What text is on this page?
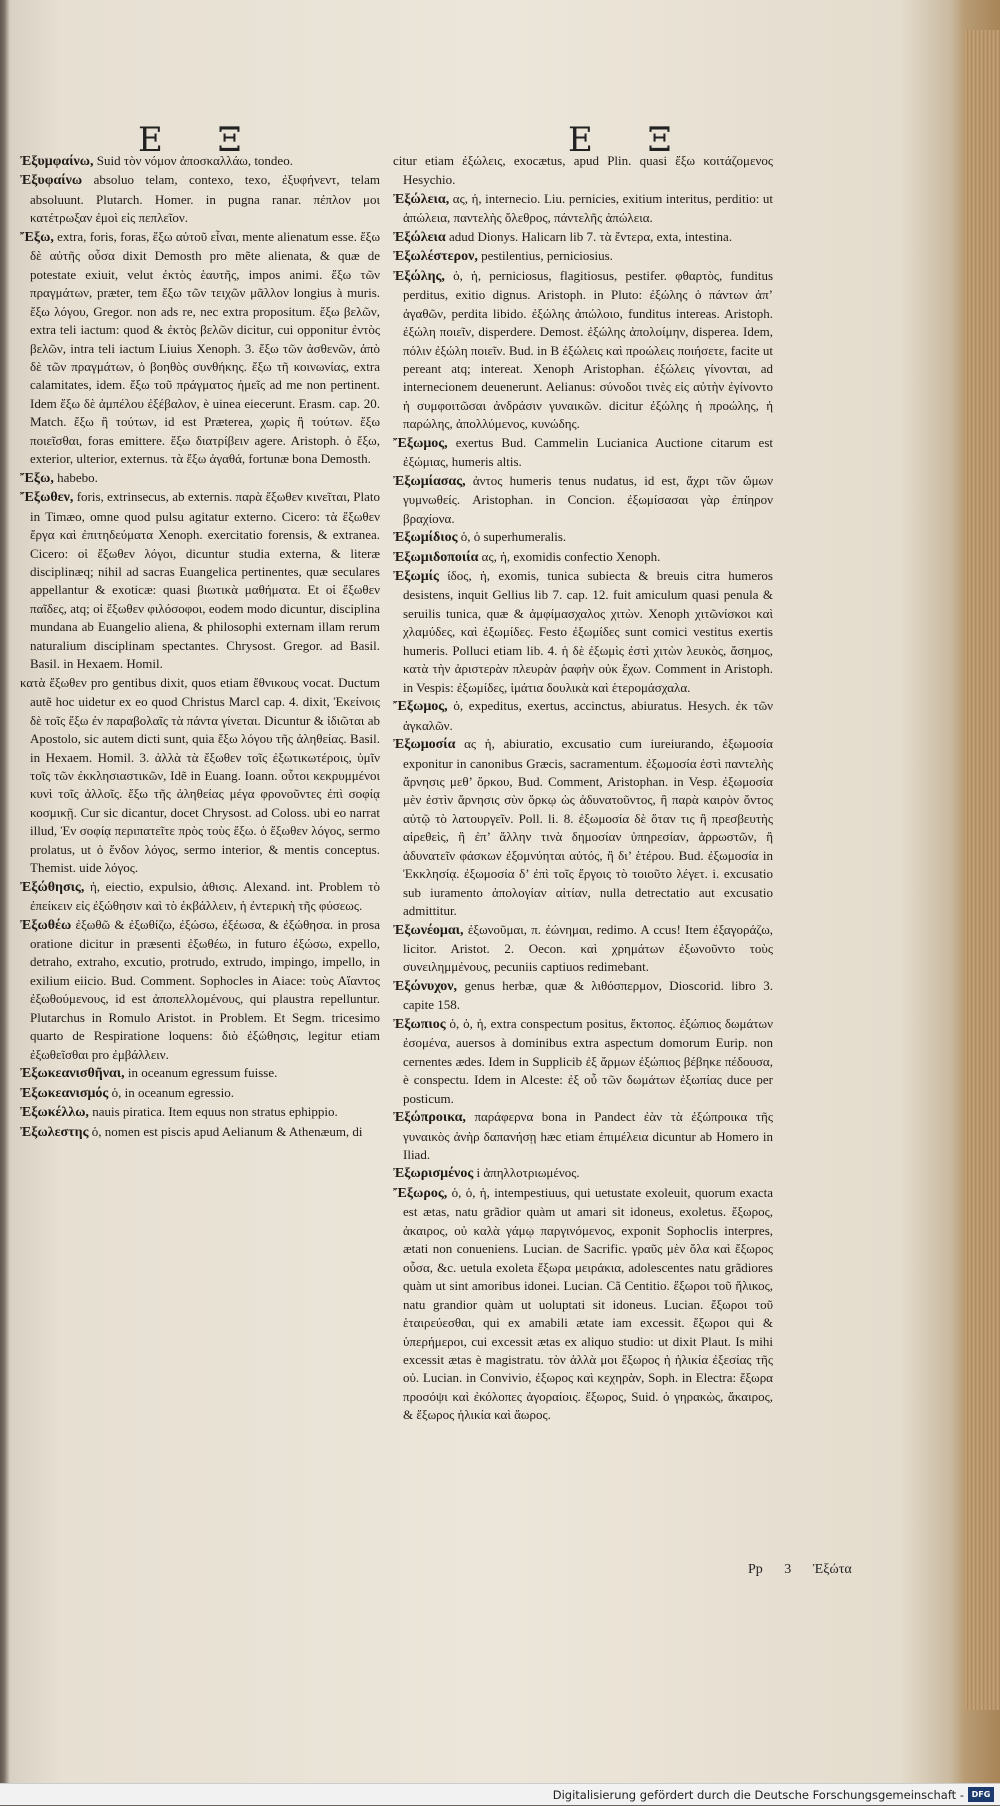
Ε Ξ	Ε Ξ

Ἐξυμφαίνω, Suid τὸν νόμον ἀποσκαλλάω, tondeo.

Ἐξυφαίνω absoluo telam, contexo, texo, ἐξυφήνεντ, telam absoluunt. Plutarch. Homer. in pugna ranar. πέπλον μοι κατέτρωξαν ἐμοὶ εἰς πεπλεῖον.

Ἔξω, extra, foris, foras, ἔξω αὑτοῦ εἶναι, mente alienatum esse. ἔξω δὲ αὐτῆς οὖσα dixit Demosth pro mẽte alienata, & quæ de potestate exiuit, velut ἐκτὸς ἑαυτῆς, impos animi. ἔξω τῶν πραγμάτων, præter, tem ἔξω τῶν τειχῶν μᾶλλον longius à muris. ἔξω λόγου, Gregor. non ads re, nec extra propositum. ἔξω βελῶν, extra teli iactum: quod & ἐκτὸς βελῶν dicitur, cui opponitur ἐντὸς βελῶν, intra teli iactum Liuius Xenoph. 3. ἔξω τῶν ἀσθενῶν, ἀπὸ δὲ τῶν πραγμάτων, ὁ βοηθὸς συνθήκης. ἔξω τῆ κοινωνίας, extra calamitates, idem. ἔξω τοῦ πράγματος ἡμεῖς ad me non pertinent. Idem ἔξω δὲ ἀμπέλου ἐξέβαλον, è uinea eiecerunt. Erasm. cap. 20. Match. ἔξω ἢ τούτων, id est Præterea, χωρὶς ἢ τούτων. ἔξω ποιεῖσθαι, foras emittere. ἔξω διατρίβειν agere. Aristoph. ὁ ἔξω, exterior, ulterior, externus. τὰ ἔξω ἀγαθά, fortunæ bona Demosth.

Ἔξω, habebo.

Ἔξωθεν, foris, extrinsecus, ab externis. παρὰ ἔξωθεν κινεῖται, Plato in Timæo, omne quod pulsu agitatur externo. Cicero: τὰ ἔξωθεν ἔργα καὶ ἐπιτηδεύματα Xenoph. exercitatio forensis, & extranea. Cicero: οἱ ἔξωθεν λόγοι, dicuntur studia externa, & literæ disciplinæq; nihil ad sacras Euangelica pertinentes, quæ seculares appellantur & exoticæ: quasi βιωτικὰ μαθήματα. Et οἱ ἔξωθεν παῖδες, atq; οἱ ἔξωθεν φιλόσοφοι, eodem modo dicuntur, disciplina mundana ab Euangelio aliena, & philosophi externam illam rerum naturalium disciplinam spectantes. Chrysost. Gregor. ad Basil. Basil. in Hexaem. Homil.

κατὰ ἔξωθεν pro gentibus dixit, quos etiam ἔθνικους vocat. Ductum autẽ hoc uidetur ex eo quod Christus Marcl cap. 4. dixit, Ἐκείνοις δὲ τοῖς ἔξω ἐν παραβολαῖς τὰ πάντα γίνεται. Dicuntur & ἰδιῶται ab Apostolo, sic autem dicti sunt, quia ἔξω λόγου τῆς ἀληθείας. Basil. in Hexaem. Homil. 3. ἀλλὰ τὰ ἔξωθεν τοῖς ἐξωτικωτέροις, ὑμῖν τοῖς τῶν ἐκκλησιαστικῶν, Idẽ in Euang. Ioann. οὗτοι κεκρυμμένοι κυνὶ τοῖς ἀλλοῖς. ἔξω τῆς ἀληθείας μέγα φρονοῦντες ἐπὶ σοφίᾳ κοσμικῇ. Cur sic dicantur, docet Chrysost. ad Coloss. ubi eo narrat illud, Ἐν σοφίᾳ περιπατεῖτε πρὸς τοὺς ἔξω. ὁ ἔξωθεν λόγος, sermo prolatus, ut ὁ ἔνδον λόγος, sermo interior, & mentis conceptus. Themist. uide λόγος.

Ἐξώθησις, ἡ, eiectio, expulsio, ἀθισις. Alexand. int. Problem τὸ ἐπείκειν εἰς ἐξώθησιν καὶ τὸ ἐκβάλλειν, ἡ ἐντερικὴ τῆς φύσεως.

Ἐξωθέω ἐξωθῶ & ἐξωθίζω, ἐξώσω, ἐξέωσα, & ἐξώθησα. in prosa oratione dicitur in præsenti ἐξωθέω, in futuro ἐξώσω, expello, detraho, extraho, excutio, protrudo, extrudo, impingo, impello, in exilium eiicio. Bud. Comment. Sophocles in Aiace: τοὺς Αἴαντος ἐξωθούμενους, id est ἀποπελλομένους, qui plaustra repelluntur. Plutarchus in Romulo Aristot. in Problem. Et Segm. tricesimo quarto de Respiratione loquens: διὸ ἐξώθησις, legitur etiam ἐξωθεῖσθαι pro ἐμβάλλειν.

Ἐξωκεανισθῆναι, in oceanum egressum fuisse.

Ἐξωκεανισμός ὁ, in oceanum egressio.

Ἐξωκέλλω, nauis piratica. Item equus non stratus ephippio.

Ἐξωλεστης ὁ, nomen est piscis apud Aelianum & Athenæum, di

citur etiam ἐξώλεις, exocætus, apud Plin. quasi ἔξω κοιτάζομενος Hesychio.

Ἐξώλεια, ας, ἡ, internecio. Liu. pernicies, exitium interitus, perditio: ut ἀπώλεια, παντελὴς ὄλεθρος, πάντελῆς ἀπώλεια.

Ἐξώλεια adud Dionys. Halicarn lib 7. τὰ ἔντερα, exta, intestina.

Ἐξωλέστερον, pestilentius, perniciosius.

Ἐξώλης, ὁ, ἡ, perniciosus, flagitiosus, pestifer. φθαρτὸς, funditus perditus, exitio dignus. Aristoph. in Pluto: ἐξώλης ὁ πάντων ἀπ’ ἀγαθῶν, perdita libido. ἐξώλης ἀπώλοιο, funditus intereas. Aristoph. ἐξώλη ποιεῖν, disperdere. Demost. ἐξώλης ἀπολοίμην, disperea. Idem, πόλιν ἐξώλη ποιεῖν. Bud. in Β ἐξώλεις καὶ προώλεις ποιήσετε, facite ut pereant atq; intereat. Xenoph Aristophan. ἐξώλεις γίνονται, ad internecionem deuenerunt. Aelianus: σύνοδοι τινὲς εἰς αὐτὴν ἐγίνοντο ἡ συμφοιτῶσαι ἀνδράσιν γυναικῶν. dicitur ἐξώλης ἡ προώλης, ἡ παρώλης, ἀπολλύμενος, κυνώδης.

Ἔξωμος, exertus Bud. Cammelin Lucianica Auctione citarum est ἐξώμιας, humeris altis.

Ἐξωμίασας, ἀντος humeris tenus nudatus, id est, ἄχρι τῶν ὤμων γυμνωθείς. Aristophan. in Concion. ἐξωμίσασαι γὰρ ἐπίηρον βραχίονα.

Ἐξωμίδιος ὁ, ὁ superhumeralis.

Ἐξωμιδοποιία ας, ἡ, exomidis confectio Xenoph.

Ἐξωμίς ίδος, ἡ, exomis, tunica subiecta & breuis citra humeros desistens, inquit Gellius lib 7. cap. 12. fuit amiculum quasi penula & seruilis tunica, quæ & ἀμφίμασχαλος χιτὼν. Χenoph χιτῶνίσκοι καὶ χλαμύδες, καὶ ἐξωμίδες. Festo ἐξωμίδες sunt comici vestitus exertis humeris. Polluci etiam lib. 4. ἡ δὲ ἐξωμὶς ἐστὶ χιτὼν λευκὸς, ἄσημος, κατὰ τὴν ἀριστερὰν πλευρὰν ῥαφὴν οὐκ ἔχων. Comment in Aristoph. in Vespis: ἐξωμίδες, ἱμάτια δουλικὰ καὶ ἑτερομάσχαλα.

Ἔξωμος, ὁ, expeditus, exertus, accinctus, abiuratus. Hesych. ἐκ τῶν ἀγκαλῶν.

Ἐξωμοσία ας ἡ, abiuratio, excusatio cum iureiurando, ἐξωμοσία exponitur in canonibus Græcis, sacramentum. ἐξωμοσία ἐστὶ παντελὴς ἄρνησις μεθ’ ὅρκου, Bud. Comment, Aristophan. in Vesp. ἐξωμοσία μὲν ἐστὶν ἄρνησις σὺν ὅρκῳ ὡς ἀδυνατοῦντος, ἢ παρὰ καιρὸν ὄντος αὐτῷ τὸ λατουργεῖν. Poll. li. 8. ἐξωμοσία δὲ ὅταν τις ἢ πρεσβευτὴς αἱρεθεὶς, ἢ ἐπ’ ἄλλην τινὰ δημοσίαν ὑπηρεσίαν, ἀρρωστῶν, ἢ ἀδυνατεῖν φάσκων ἐξομνύηται αὐτός, ἢ δι’ ἑτέρου. Bud. ἐξωμοσία in Ἐκκλησίᾳ. ἐξωμοσία δ’ ἐπὶ τοῖς ἔργοις τὸ τοιοῦτο λέγετ. i. excusatio sub iuramento ἀπολογίαν αἰτίαν, nulla detrectatio aut excusatio admittitur.

Ἐξωνέομαι, ἐξωνοῦμαι, π. ἐώνημαι, redimo. A ccus! Item ἐξαγοράζω, licitor. Aristot. 2. Oecon. καὶ χρημάτων ἐξωνοῦντο τοὺς συνειλημμένους, pecuniis captiuos redimebant.

Ἐξώνυχον, genus herbæ, quæ & λιθόσπερμον, Dioscorid. libro 3. capite 158.

Ἐξωπιος ὁ, ὁ, ἡ, extra conspectum positus, ἔκτοπος. ἐξώπιος δωμάτων ἐσομένα, auersos à dominibus extra aspectum domorum Eurip. non cernentes ædes. Idem in Supplicib ἐξ ἄρμων ἐξώπιος βέβηκε πέδουσα, è conspectu. Idem in Alceste: ἐξ οὖ τῶν δωμάτων ἐξωπίας duce per posticum.

Ἐξώπροικα, παράφερνα bona in Pandect ἐὰν τὰ ἐξώπροικα τῆς γυναικὸς ἀνὴρ δαπανήσῃ hæc etiam ἐπιμέλεια dicuntur ab Homero in Iliad.

Ἐξωρισμένος i ἀπηλλοτριωμένος.

Ἔξωρος, ὁ, ὁ, ἡ, intempestiuus, qui uetustate exoleuit, quorum exacta est ætas, natu grãdior quàm ut amari sit idoneus, exoletus. ἔξωρος, ἀκαιρος, οὐ καλὰ γάμῳ παργινόμενος, exponit Sophoclis interpres, ætati non conueniens. Lucian. de Sacrific. γραῦς μὲν ὄλα καὶ ἔξωρος οὖσα, &c. uetula exoleta ἔξωρα μειράκια, adolescentes natu grãdiores quàm ut sint amoribus idonei. Lucian. Cã Centitio. ἔξωροι τοῦ ἥλικος, natu grandior quàm ut uoluptati sit idoneus. Lucian. ἔξωροι τοῦ ἑταιρεύεσθαι, qui ex amabili ætate iam excessit. ἔξωροι qui & ὑπερήμεροι, cui excessit ætas ex aliquo studio: ut dixit Plaut. Is mihi excessit ætas è magistratu. τὸν ἀλλὰ μοι ἔξωρος ἡ ἡλικία ἐξεσίας τῆς οὐ. Lucian. in Convivio, ἐξωρος καὶ κεχηρὰν, Soph. in Electra: ἔξωρα προσόψι καὶ ἐκόλοπες ἀγοραίοις. ἔξωρος, Suid. ὁ γηρακὼς, ἄκαιρος, & ἔξωρος ἡλικία καὶ ἄωρος.

Pp 3 Ἐξώτα
Digitalisierung gefördert durch die Deutsche Forschungsgemeinschaft - DFG
